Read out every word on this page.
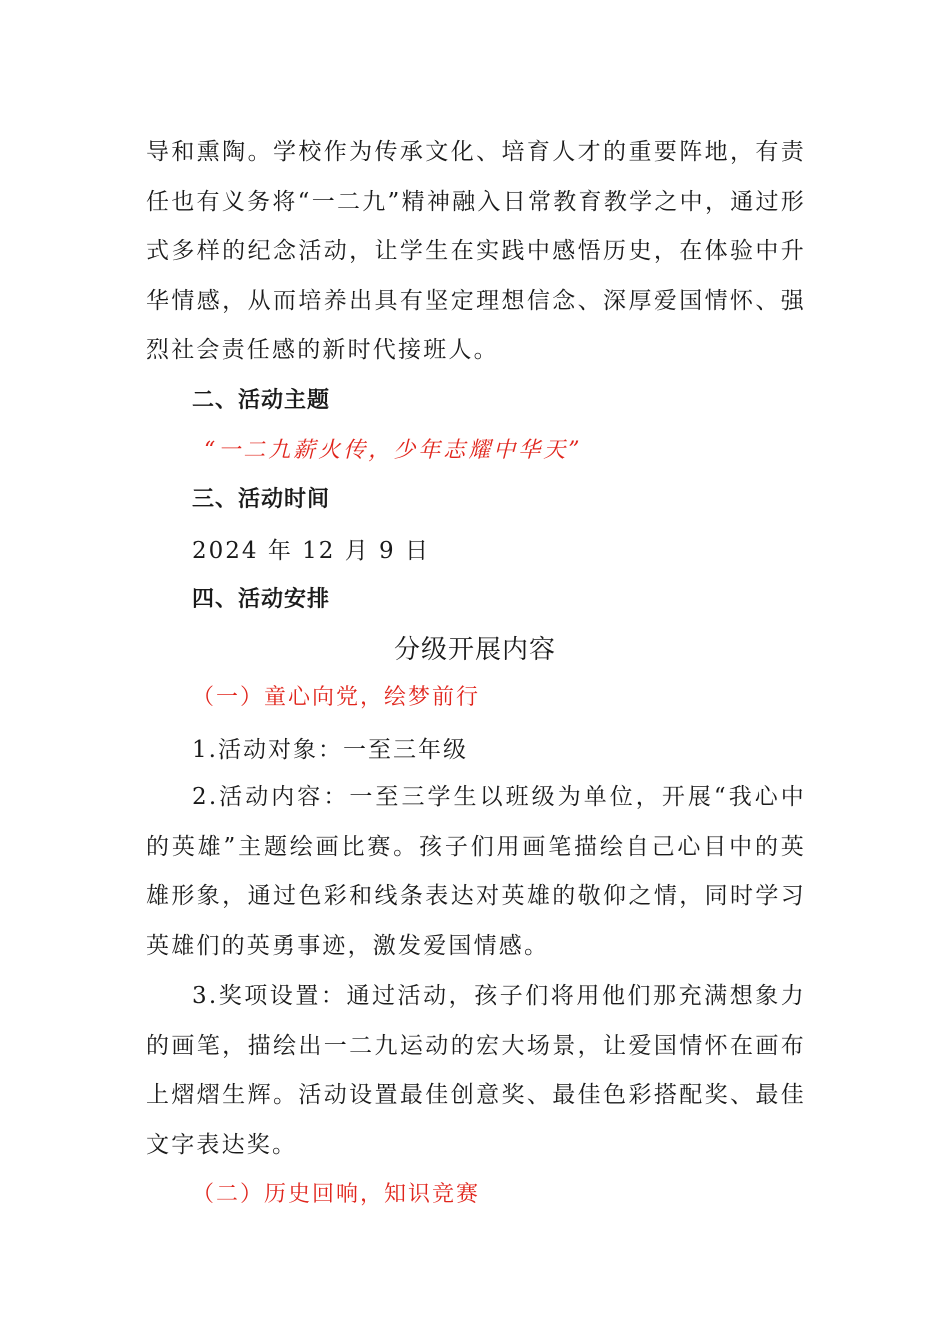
导和熏陶。学校作为传承文化、培育人才的重要阵地，有责任也有义务将“一二九”精神融入日常教育教学之中，通过形式多样的纪念活动，让学生在实践中感悟历史，在体验中升华情感，从而培养出具有坚定理想信念、深厚爱国情怀、强烈社会责任感的新时代接班人。

二、活动主题

“一二九薪火传，少年志耀中华天”

三、活动时间

2024 年 12 月 9 日

四、活动安排

分级开展内容

（一）童心向党，绘梦前行

1.活动对象：一至三年级

2.活动内容：一至三学生以班级为单位，开展“我心中的英雄”主题绘画比赛。孩子们用画笔描绘自己心目中的英雄形象，通过色彩和线条表达对英雄的敬仰之情，同时学习英雄们的英勇事迹，激发爱国情感。

3.奖项设置：通过活动，孩子们将用他们那充满想象力的画笔，描绘出一二九运动的宏大场景，让爱国情怀在画布上熠熠生辉。活动设置最佳创意奖、最佳色彩搭配奖、最佳文字表达奖。

（二）历史回响，知识竞赛
